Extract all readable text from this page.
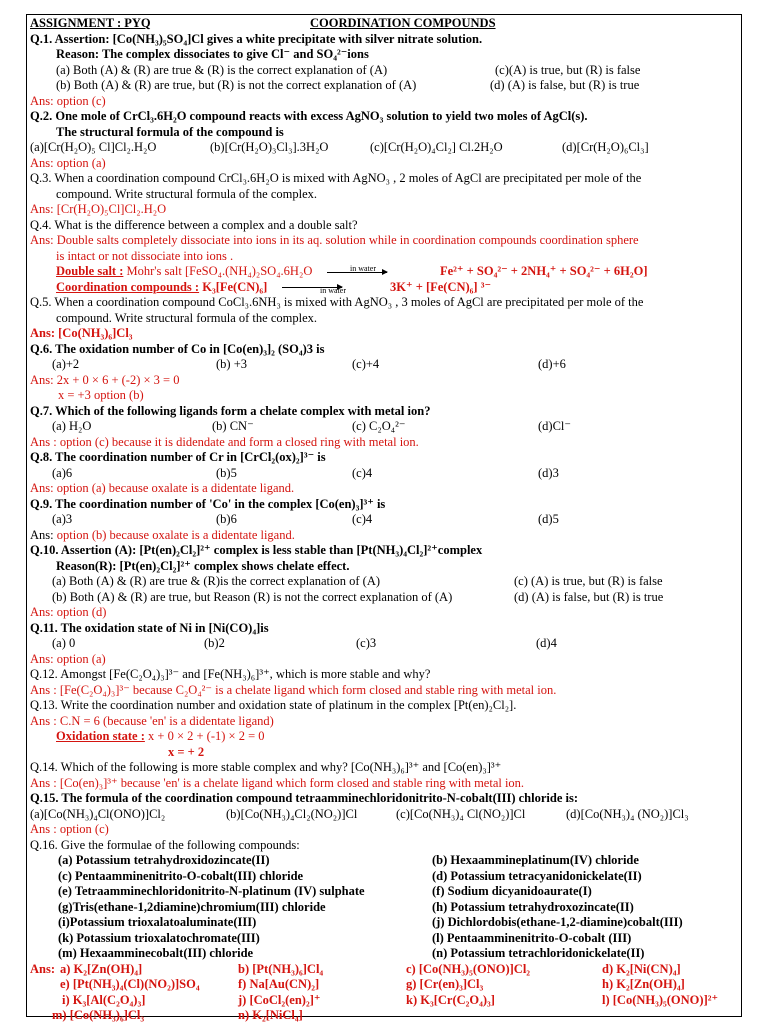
ASSIGNMENT : PYQ	COORDINATION COMPOUNDS
Q.1. Assertion: [Co(NH₃)₅SO₄]Cl gives a white precipitate with silver nitrate solution.
Reason: The complex dissociates to give Cl⁻ and SO₄²⁻ions
(a) Both (A) & (R) are true & (R) is the correct explanation of (A)	(c)(A) is true, but (R) is false
(b) Both (A) & (R) are true, but (R) is not the correct explanation of (A)	(d) (A) is false, but (R) is true
Ans: option (c)
Q.2. One mole of CrCl₃.6H₂O compound reacts with excess AgNO₃ solution to yield two moles of AgCl(s).
The structural formula of the compound is
(a)[Cr(H₂O)₅ Cl]Cl₂.H₂O	(b)[Cr(H₂O)₃Cl₃].3H₂O	(c)[Cr(H₂O)₄Cl₂] Cl.2H₂O	(d)[Cr(H₂O)₆Cl₃]
Ans: option (a)
Q.3. When a coordination compound CrCl₃.6H₂O is mixed with AgNO₃ , 2 moles of AgCl are precipitated per mole of the
compound. Write structural formula of the complex.
Ans: [Cr(H₂O)₅Cl]Cl₂.H₂O
Q.4. What is the difference between a complex and a double salt?
Ans: Double salts completely dissociate into ions in its aq. solution while in coordination compounds coordination sphere
is intact or not dissociate into ions .
Double salt : Mohr's salt [FeSO₄.(NH₄)₂SO₄.6H₂O	in water	Fe²⁺ + SO₄²⁻ + 2NH₄⁺ + SO₄²⁻ + 6H₂O]
Coordination compounds : K₃[Fe(CN)₆]	in water	3K⁺ + [Fe(CN)₆] ³⁻
Q.5. When a coordination compound CoCl₃.6NH₃ is mixed with AgNO₃ , 3 moles of AgCl are precipitated per mole of the
compound. Write structural formula of the complex.
Ans: [Co(NH₃)₆]Cl₃
Q.6. The oxidation number of Co in [Co(en)₃]₂ (SO₄)3 is
(a)+2	(b) +3	(c)+4	(d)+6
Ans: 2x + 0 × 6 + (-2) × 3 = 0
x = +3 option (b)
Q.7. Which of the following ligands form a chelate complex with metal ion?
(a) H₂O	(b) CN⁻	(c) C₂O₄²⁻	(d)Cl⁻
Ans : option (c) because it is didendate and form a closed ring with metal ion.
Q.8. The coordination number of Cr in [CrCl₂(ox)₂]³⁻ is
(a)6	(b)5	(c)4	(d)3
Ans: option (a) because oxalate is a didentate ligand.
Q.9. The coordination number of 'Co' in the complex [Co(en)₃]³⁺ is
(a)3	(b)6	(c)4	(d)5
Ans: option (b) because oxalate is a didentate ligand.
Q.10. Assertion (A): [Pt(en)₂Cl₂]²⁺ complex is less stable than [Pt(NH₃)₄Cl₂]²⁺complex
Reason(R): [Pt(en)₂Cl₂]²⁺ complex shows chelate effect.
(a) Both (A) & (R) are true & (R)is the correct explanation of (A)	(c) (A) is true, but (R) is false
(b) Both (A) & (R) are true, but Reason (R) is not the correct explanation of (A)	(d) (A) is false, but (R) is true
Ans: option (d)
Q.11. The oxidation state of Ni in [Ni(CO)₄]is
(a) 0	(b)2	(c)3	(d)4
Ans: option (a)
Q.12. Amongst [Fe(C₂O₄)₃]³⁻ and [Fe(NH₃)₆]³⁺, which is more stable and why?
Ans : [Fe(C₂O₄)₃]³⁻ because C₂O₄²⁻ is a chelate ligand which form closed and stable ring with metal ion.
Q.13. Write the coordination number and oxidation state of platinum in the complex [Pt(en)₂Cl₂].
Ans : C.N = 6 (because 'en' is a didentate ligand)
Oxidation state : x + 0 × 2 + (-1) × 2 = 0
x = + 2
Q.14. Which of the following is more stable complex and why? [Co(NH₃)₆]³⁺ and [Co(en)₃]³⁺
Ans : [Co(en)₃]³⁺ because 'en' is a chelate ligand which form closed and stable ring with metal ion.
Q.15. The formula of the coordination compound tetraamminechloridonitrito-N-cobalt(III) chloride is:
(a)[Co(NH₃)₄Cl(ONO)]Cl₂	(b)[Co(NH₃)₄Cl₂(NO₂)]Cl	(c)[Co(NH₃)₄ Cl(NO₂)]Cl	(d)[Co(NH₃)₄ (NO₂)]Cl₃
Ans : option (c)
Q.16. Give the formulae of the following compounds:
(a) Potassium tetrahydroxidozincate(II)	(b) Hexaammineplatinum(IV) chloride
(c) Pentaamminenitrito-O-cobalt(III) chloride	(d) Potassium tetracyanidonickelate(II)
(e) Tetraamminechloridonitrito-N-platinum (IV) sulphate	(f) Sodium dicyanidoaurate(I)
(g)Tris(ethane-1,2diamine)chromium(III) chloride	(h) Potassium tetrahydroxozincate(II)
(i)Potassium trioxalatoaluminate(III)	(j) Dichlordobis(ethane-1,2-diamine)cobalt(III)
(k) Potassium trioxalatochromate(III)	(l) Pentaamminenitrito-O-cobalt (III)
(m) Hexaamminecobalt(III) chloride	(n) Potassium tetrachloridonickelate(II)
Ans: a) K₂[Zn(OH)₄]	b) [Pt(NH₃)₆]Cl₄	c) [Co(NH₃)₅(ONO)]Cl₂	d) K₂[Ni(CN)₄]
e) [Pt(NH₃)₄(Cl)(NO₂)]SO₄	f) Na[Au(CN)₂]	g) [Cr(en)₃]Cl₃	h) K₂[Zn(OH)₄]
i) K₃[Al(C₂O₄)₃]	j) [CoCl₂(en)₂]⁺	k) K₃[Cr(C₂O₄)₃]	l) [Co(NH₃)₅(ONO)]²⁺
m) [Co(NH₃)₆]Cl₃	n) K₂[NiCl₄]
